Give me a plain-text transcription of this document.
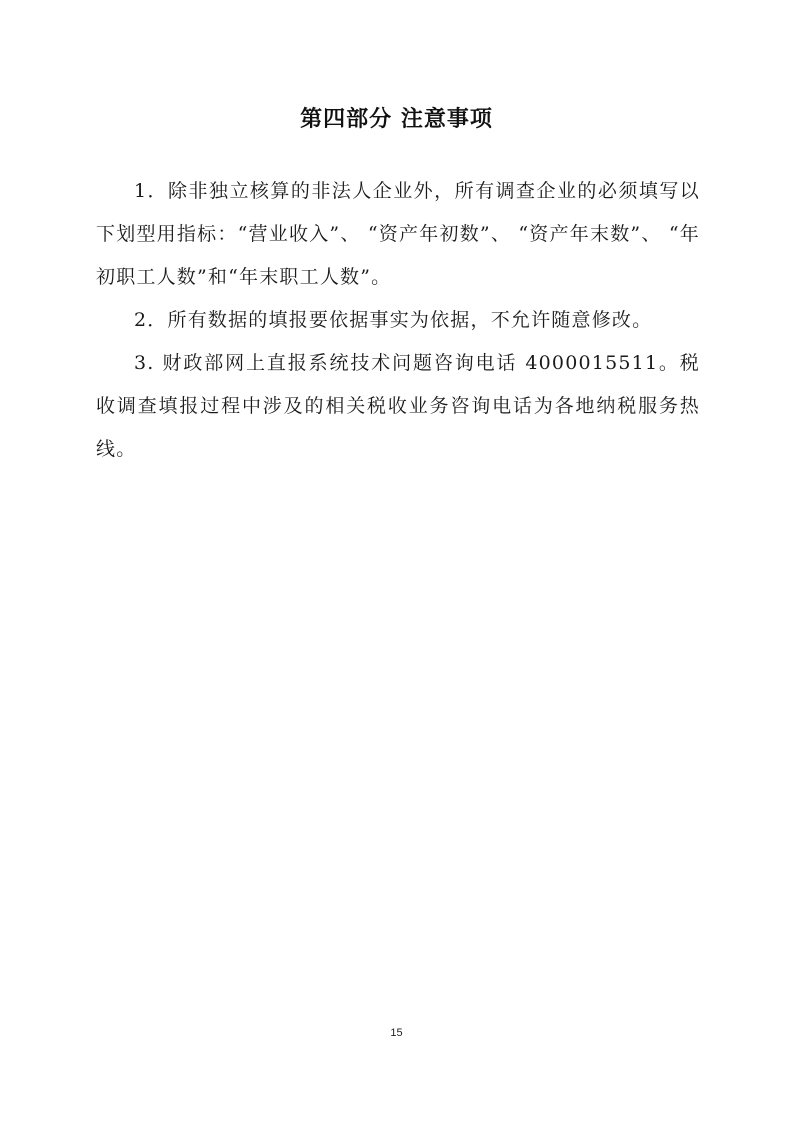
第四部分 注意事项

1．除非独立核算的非法人企业外，所有调查企业的必须填写以下划型用指标：“营业收入”、 “资产年初数”、 “资产年末数”、 “年初职工人数”和“年末职工人数”。

2．所有数据的填报要依据事实为依据，不允许随意修改。

3. 财政部网上直报系统技术问题咨询电话 4000015511。税收调查填报过程中涉及的相关税收业务咨询电话为各地纳税服务热线。

15
